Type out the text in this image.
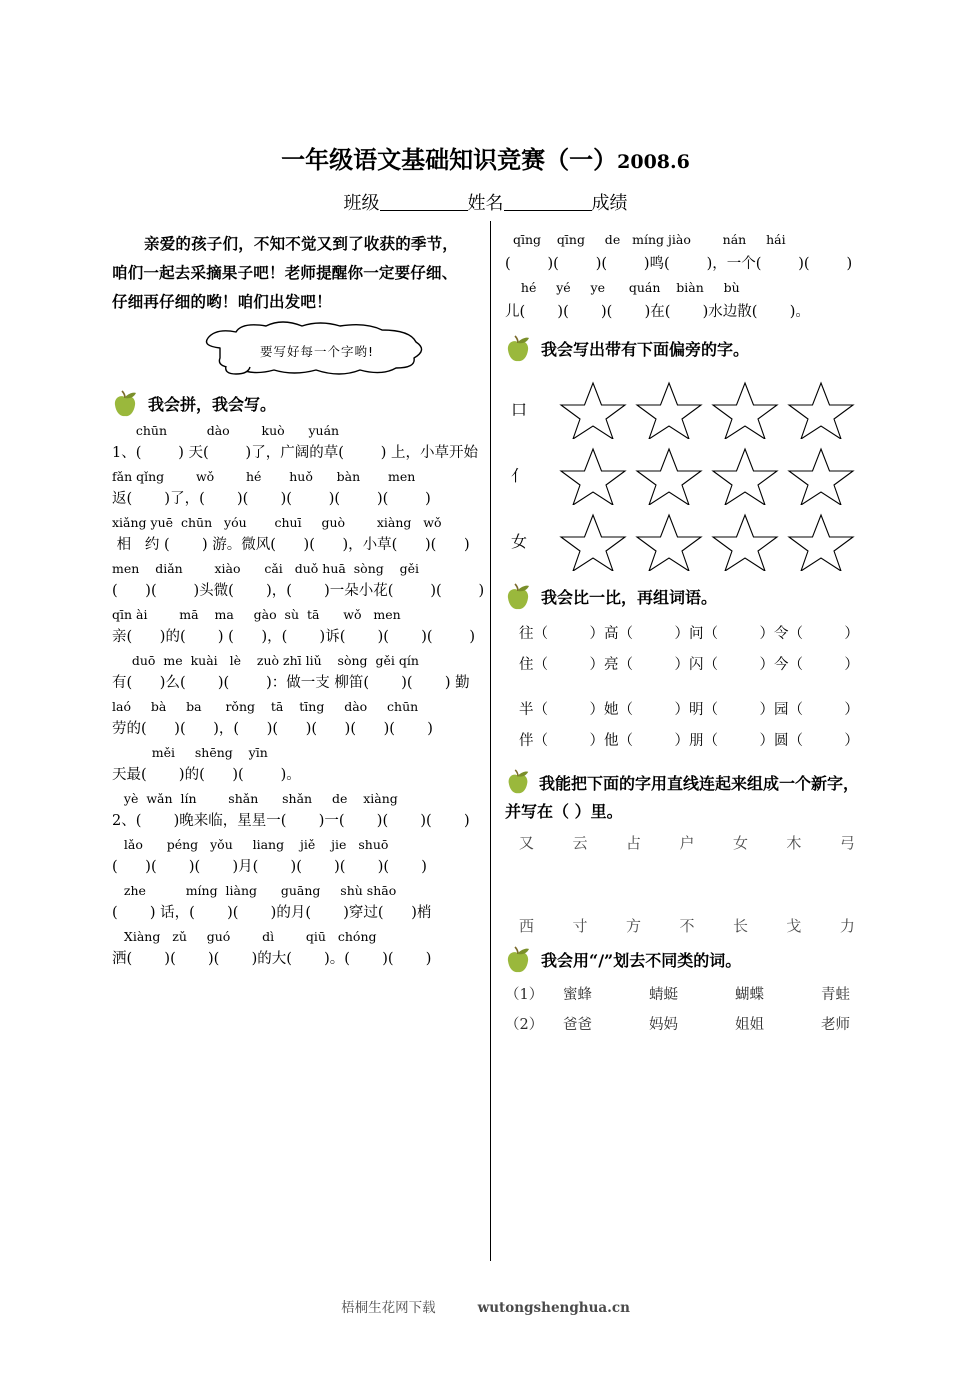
一年级语文基础知识竞赛（一）2008.6
班级	姓名	成绩
亲爱的孩子们，不知不觉又到了收获的季节，
咱们一起去采摘果子吧！老师提醒你一定要仔细、
仔细再仔细的哟！咱们出发吧！
要写好每一个字哟!
我会拼，我会写。
chūn          dào        kuò      yuán
1、(        ) 天(        )了，广阔的草(        ) 上，小草开始
fǎn qǐng        wǒ        hé       huǒ      bàn       men
返(       )了，(       )(       )(        )(        )(        )
xiǎng yuē  chūn   yóu       chuī     guò        xiàng   wǒ
相   约 (       ) 游。微风(      )(      )，小草(      )(      )
men    diǎn        xiào      cǎi   duǒ huā  sòng    gěi
(      )(        )头微(       )，(       )一朵小花(        )(        )
qīn ài        mā    ma     gào  sù  tā      wǒ   men
亲(      )的(       ) (      )，(       )诉(       )(       )(        )
duō  me  kuài   lè    zuò zhī liǔ    sòng  gěi qín
有(      )么(       )(        )：做一支 柳笛(       )(       ) 勤
laó     bà     ba      rǒng    tā    tīng     dào     chūn
劳的(      )(      )，(      )(      )(      )(      )(       )
měi     shēng    yīn
天最(       )的(      )(        )。
yè  wǎn  lín        shǎn      shǎn     de    xiàng
2、(       )晚来临，星星一(       )一(       )(       )(       )
lǎo      péng   yǒu     liang    jiě    jie   shuō
(      )(       )(       )月(       )(       )(       )(       )
zhe          míng  liàng      guāng     shù shāo
(       ) 话，(       )(       )的月(       )穿过(      )梢
Xiàng   zǔ     guó        dì        qiū   chóng
洒(       )(       )(       )的大(       )。(       )(       )
qīng    qīng     de   míng jiào        nán     hái
(        )(        )(        )鸣(        )，一个(        )(        )
hé     yé     ye      quán    biàn     bù
儿(       )(       )(       )在(       )水边散(       )。
我会写出带有下面偏旁的字。
口
亻
女
我会比一比，再组词语。
往（         ）高（         ）问（         ）令（         ）
住（         ）亮（         ）闪（         ）今（         ）
半（         ）她（         ）明（         ）园（         ）
伴（         ）他（         ）朋（         ）圆（         ）
我能把下面的字用直线连起来组成一个新字，
并写在（ ）里。
又	云	占	户	女	木	弓
西	寸	方	不	长	戈	力
我会用“/”划去不同类的词。
（1）	蜜蜂	蜻蜓	蝴蝶	青蛙
（2）	爸爸	妈妈	姐姐	老师
梧桐生花网下载	wutongshenghua.cn
